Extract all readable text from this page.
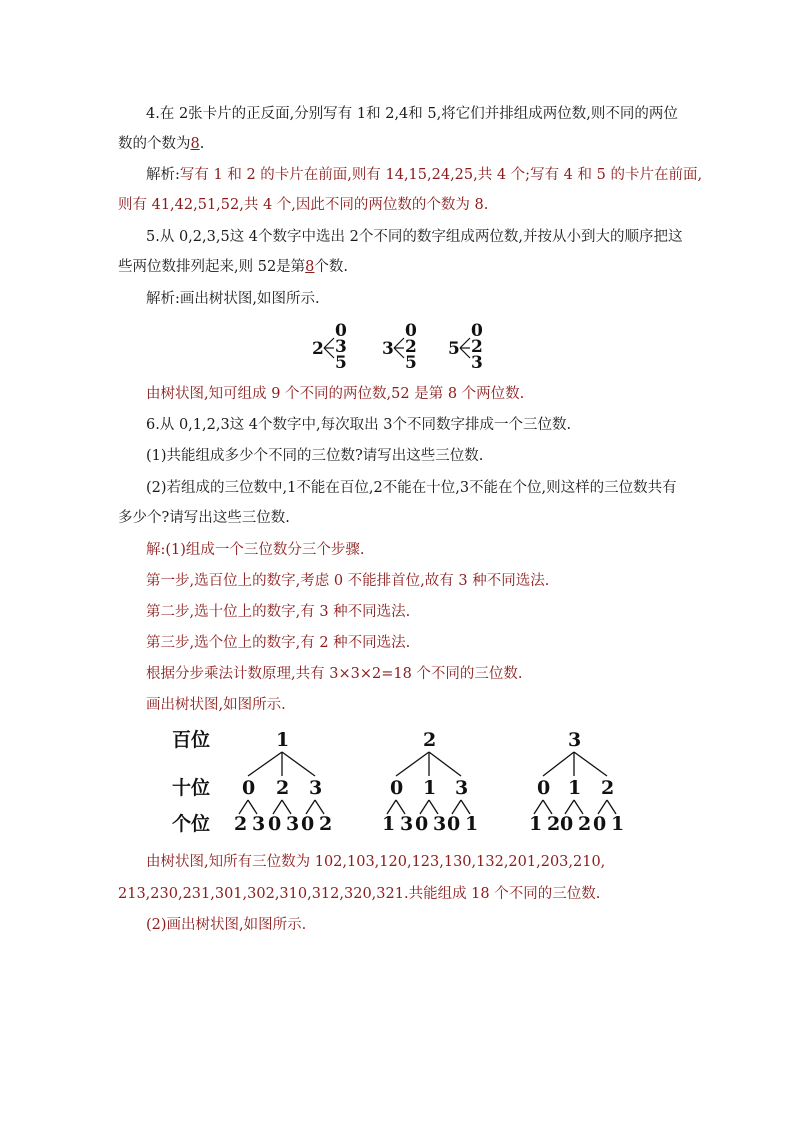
4.在 2张卡片的正反面,分别写有 1和 2,4和 5,将它们并排组成两位数,则不同的两位
数的个数为8.
解析:写有 1 和 2 的卡片在前面,则有 14,15,24,25,共 4 个;写有 4 和 5 的卡片在前面,
则有 41,42,51,52,共 4 个,因此不同的两位数的个数为 8.
5.从 0,2,3,5这 4个数字中选出 2个不同的数字组成两位数,并按从小到大的顺序把这
些两位数排列起来,则 52是第8个数.
解析:画出树状图,如图所示.
2
0
3
5
3
0
2
5
5
0
2
3
由树状图,知可组成 9 个不同的两位数,52 是第 8 个两位数.
6.从 0,1,2,3这 4个数字中,每次取出 3个不同数字排成一个三位数.
(1)共能组成多少个不同的三位数?请写出这些三位数.
(2)若组成的三位数中,1不能在百位,2不能在十位,3不能在个位,则这样的三位数共有
多少个?请写出这些三位数.
解:(1)组成一个三位数分三个步骤.
第一步,选百位上的数字,考虑 0 不能排首位,故有 3 种不同选法.
第二步,选十位上的数字,有 3 种不同选法.
第三步,选个位上的数字,有 2 种不同选法.
根据分步乘法计数原理,共有 3×3×2=18 个不同的三位数.
画出树状图,如图所示.
百位
十位
个位
1
0 2 3
2 3 0 3 0 2
2
0 1 3
1 3 0 3 0 1
3
0 1 2
1 2 0 2 0 1
由树状图,知所有三位数为 102,103,120,123,130,132,201,203,210,
213,230,231,301,302,310,312,320,321.共能组成 18 个不同的三位数.
(2)画出树状图,如图所示.
